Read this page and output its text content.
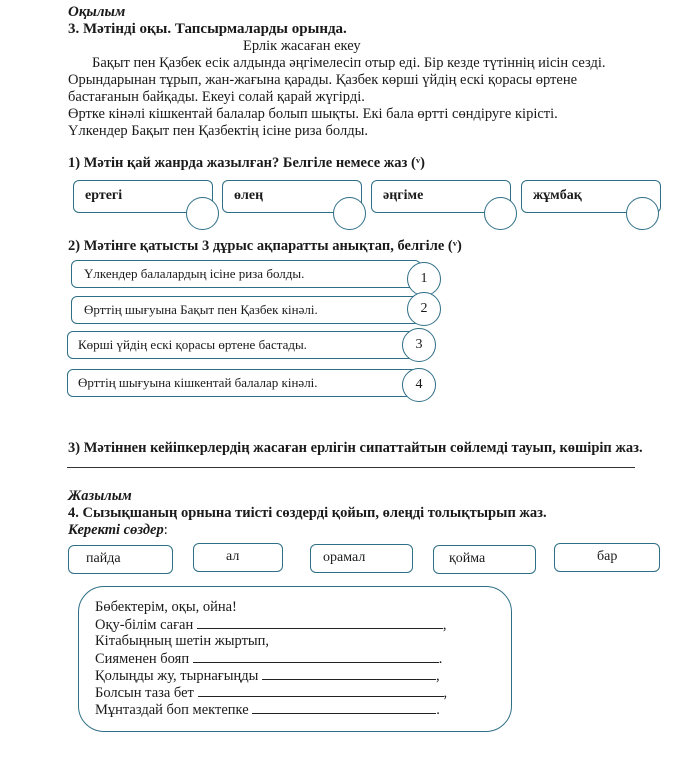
Оқылым
3. Мәтінді оқы. Тапсырмаларды орында.
Ерлік жасаған екеу
Бақыт пен Қазбек есік алдында әңгімелесіп отыр еді. Бір кезде түтіннің иісін сезді.
Орындарынан тұрып, жан-жағына қарады. Қазбек көрші үйдің ескі қорасы өртене
бастағанын байқады. Екеуі солай қарай жүгірді.
Өртке кінәлі кішкентай балалар болып шықты. Екі бала өртті сөндіруге кірісті.
Үлкендер Бақыт пен Қазбектің ісіне риза болды.
1) Мәтін қай жанрда жазылған? Белгіле немесе жаз (ᵛ)
ертегі	өлең	әңгіме	жұмбақ
2) Мәтінге қатысты 3 дұрыс ақпаратты анықтап, белгіле (ᵛ)
Үлкендер балалардың ісіне риза болды.	1
Өрттің шығуына Бақыт пен Қазбек кінәлі.	2
Көрші үйдің ескі қорасы өртене бастады.	3
Өрттің шығуына кішкентай балалар кінәлі.	4
3) Мәтіннен кейіпкерлердің жасаған ерлігін сипаттайтын сөйлемді тауып, көшіріп жаз.
Жазылым
4. Сызықшаның орнына тиісті сөздерді қойып, өлеңді толықтырып жаз.
Керекті сөздер:
пайда	ал	орамал	қойма	бар
Бөбектерім, оқы, ойна!
Оқу-білім саған	,
Кітабыңның шетін жыртып,
Сияменен бояп	.
Қолыңды жу, тырнағыңды	,
Болсын таза бет	,
Мұнтаздай боп мектепке	.
